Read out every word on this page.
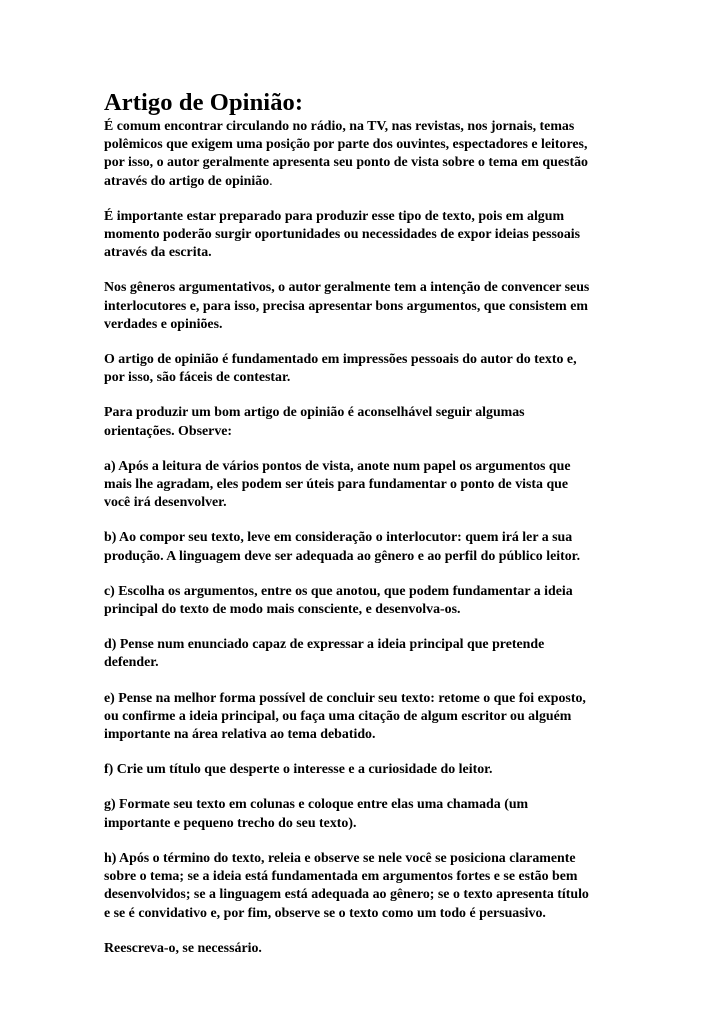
Artigo de Opinião:

É comum encontrar circulando no rádio, na TV, nas revistas, nos jornais, temas
polêmicos que exigem uma posição por parte dos ouvintes, espectadores e leitores,
por isso, o autor geralmente apresenta seu ponto de vista sobre o tema em questão
através do artigo de opinião.

É importante estar preparado para produzir esse tipo de texto, pois em algum
momento poderão surgir oportunidades ou necessidades de expor ideias pessoais
através da escrita.

Nos gêneros argumentativos, o autor geralmente tem a intenção de convencer seus
interlocutores e, para isso, precisa apresentar bons argumentos, que consistem em
verdades e opiniões.

O artigo de opinião é fundamentado em impressões pessoais do autor do texto e,
por isso, são fáceis de contestar.

Para produzir um bom artigo de opinião é aconselhável seguir algumas
orientações. Observe:

a) Após a leitura de vários pontos de vista, anote num papel os argumentos que
mais lhe agradam, eles podem ser úteis para fundamentar o ponto de vista que
você irá desenvolver.

b) Ao compor seu texto, leve em consideração o interlocutor: quem irá ler a sua
produção. A linguagem deve ser adequada ao gênero e ao perfil do público leitor.

c) Escolha os argumentos, entre os que anotou, que podem fundamentar a ideia
principal do texto de modo mais consciente, e desenvolva-os.

d) Pense num enunciado capaz de expressar a ideia principal que pretende
defender.

e) Pense na melhor forma possível de concluir seu texto: retome o que foi exposto,
ou confirme a ideia principal, ou faça uma citação de algum escritor ou alguém
importante na área relativa ao tema debatido.

f) Crie um título que desperte o interesse e a curiosidade do leitor.

g) Formate seu texto em colunas e coloque entre elas uma chamada (um
importante e pequeno trecho do seu texto).

h) Após o término do texto, releia e observe se nele você se posiciona claramente
sobre o tema; se a ideia está fundamentada em argumentos fortes e se estão bem
desenvolvidos; se a linguagem está adequada ao gênero; se o texto apresenta título
e se é convidativo e, por fim, observe se o texto como um todo é persuasivo.

Reescreva-o, se necessário.
